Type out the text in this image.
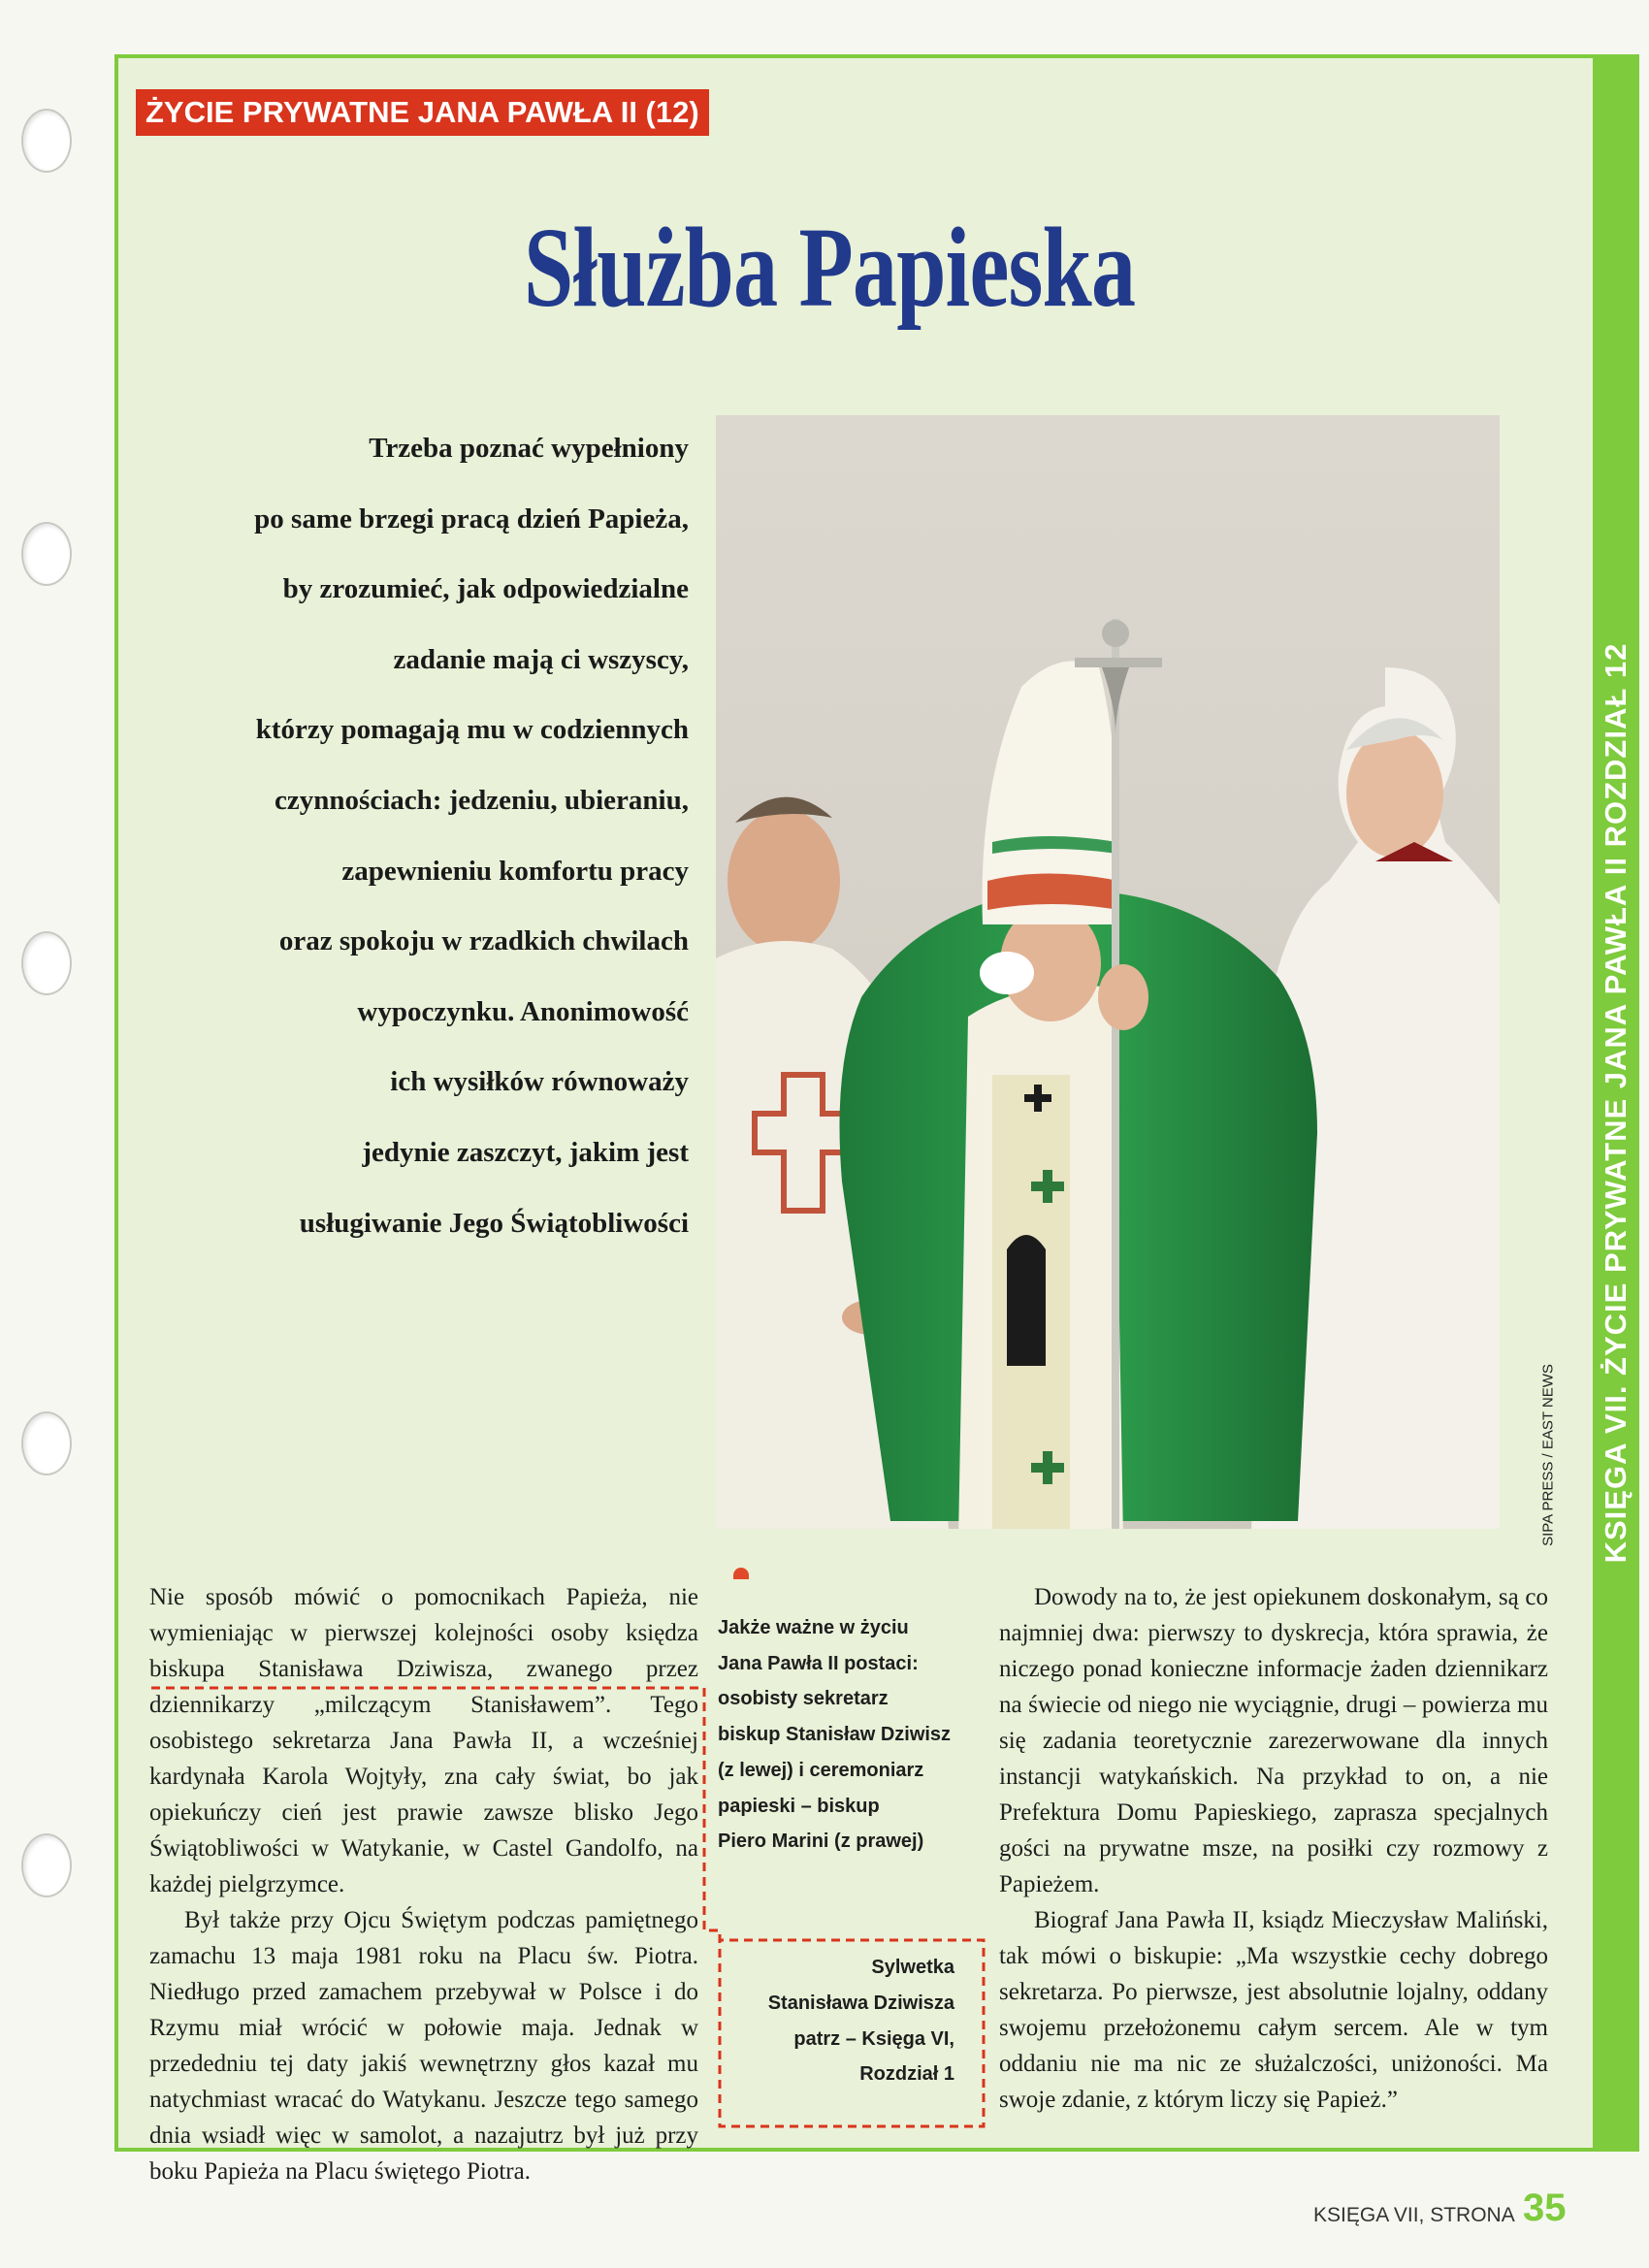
KSIĘGA VII. ŻYCIE PRYWATNE JANA PAWŁA II ROZDZIAŁ 12
ŻYCIE PRYWATNE JANA PAWŁA II (12)
Służba Papieska
Trzeba poznać wypełniony
po same brzegi pracą dzień Papieża,
by zrozumieć, jak odpowiedzialne
zadanie mają ci wszyscy,
którzy pomagają mu w codziennych
czynnościach: jedzeniu, ubieraniu,
zapewnieniu komfortu pracy
oraz spokoju w rzadkich chwilach
wypoczynku. Anonimowość
ich wysiłków równoważy
jedynie zaszczyt, jakim jest
usługiwanie Jego Świątobliwości
SIPA PRESS / EAST NEWS

Nie sposób mówić o pomocnikach Papieża, nie wymieniając w pierwszej kolejności osoby księdza biskupa Stanisława Dziwisza, zwanego przez dziennikarzy „milczącym Stanisławem”. Tego osobistego sekretarza Jana Pawła II, a wcześniej kardynała Karola Wojtyły, zna cały świat, bo jak opiekuńczy cień jest prawie zawsze blisko Jego Świątobliwości w Watykanie, w Castel Gandolfo, na każdej pielgrzymce.

Był także przy Ojcu Świętym podczas pamiętnego zamachu 13 maja 1981 roku na Placu św. Piotra. Niedługo przed zamachem przebywał w Polsce i do Rzymu miał wrócić w połowie maja. Jednak w przededniu tej daty jakiś wewnętrzny głos kazał mu natychmiast wracać do Watykanu. Jeszcze tego samego dnia wsiadł więc w samolot, a nazajutrz był już przy boku Papieża na Placu świętego Piotra.

Jakże ważne w życiu
Jana Pawła II postaci:
osobisty sekretarz
biskup Stanisław Dziwisz
(z lewej) i ceremoniarz
papieski – biskup
Piero Marini (z prawej)
Sylwetka
Stanisława Dziwisza
patrz – Księga VI,
Rozdział 1

Dowody na to, że jest opiekunem doskonałym, są co najmniej dwa: pierwszy to dyskrecja, która sprawia, że niczego ponad konieczne informacje żaden dziennikarz na świecie od niego nie wyciągnie, drugi – powierza mu się zadania teoretycznie zarezerwowane dla innych instancji watykańskich. Na przykład to on, a nie Prefektura Domu Papieskiego, zaprasza specjalnych gości na prywatne msze, na posiłki czy rozmowy z Papieżem.

Biograf Jana Pawła II, ksiądz Mieczysław Maliński, tak mówi o biskupie: „Ma wszystkie cechy dobrego sekretarza. Po pierwsze, jest absolutnie lojalny, oddany swojemu przełożonemu całym sercem. Ale w tym oddaniu nie ma nic ze służalczości, uniżoności. Ma swoje zdanie, z którym liczy się Papież.”

KSIĘGA VII, STRONA 35
